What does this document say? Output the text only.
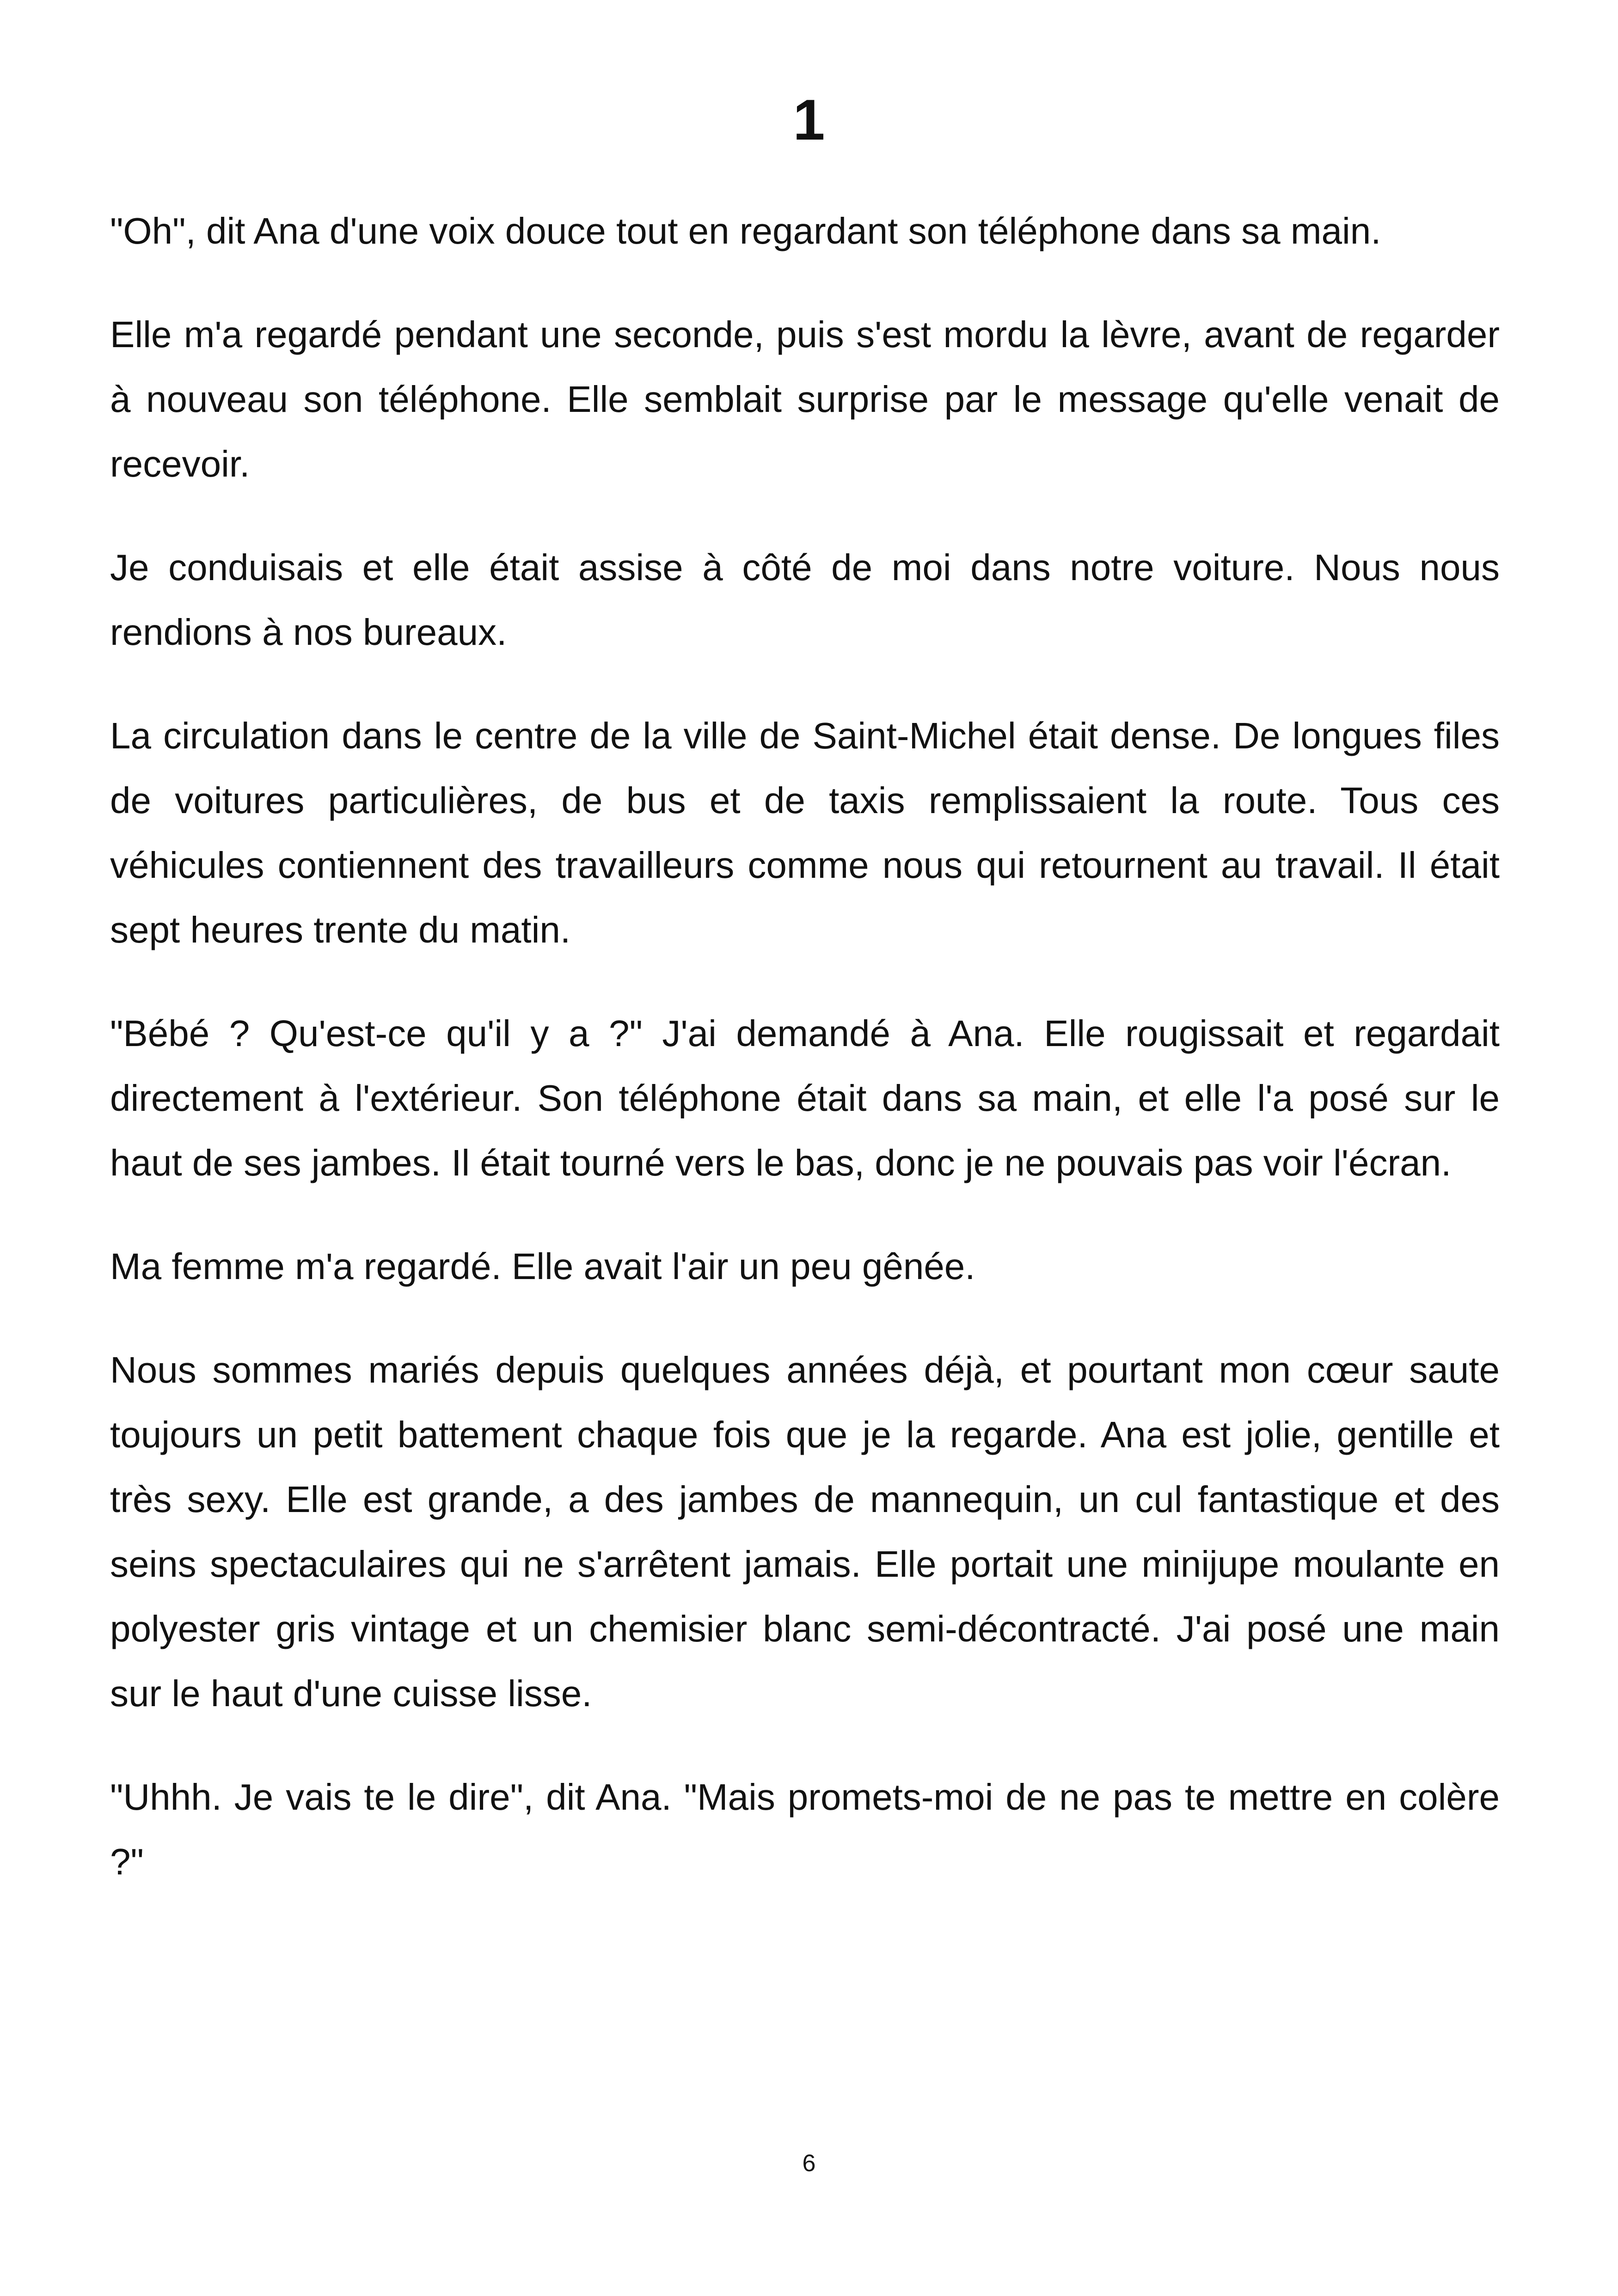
1

"Oh", dit Ana d'une voix douce tout en regardant son téléphone dans sa main.

Elle m'a regardé pendant une seconde, puis s'est mordu la lèvre, avant de regarder à nouveau son téléphone. Elle semblait surprise par le message qu'elle venait de recevoir.

Je conduisais et elle était assise à côté de moi dans notre voiture. Nous nous rendions à nos bureaux.

La circulation dans le centre de la ville de Saint-Michel était dense. De longues files de voitures particulières, de bus et de taxis remplissaient la route. Tous ces véhicules contiennent des travailleurs comme nous qui retournent au travail. Il était sept heures trente du matin.

"Bébé ? Qu'est-ce qu'il y a ?" J'ai demandé à Ana. Elle rougissait et regardait directement à l'extérieur. Son téléphone était dans sa main, et elle l'a posé sur le haut de ses jambes. Il était tourné vers le bas, donc je ne pouvais pas voir l'écran.

Ma femme m'a regardé. Elle avait l'air un peu gênée.

Nous sommes mariés depuis quelques années déjà, et pourtant mon cœur saute toujours un petit battement chaque fois que je la regarde. Ana est jolie, gentille et très sexy. Elle est grande, a des jambes de mannequin, un cul fantastique et des seins spectaculaires qui ne s'arrêtent jamais. Elle portait une minijupe moulante en polyester gris vintage et un chemisier blanc semi-décontracté. J'ai posé une main sur le haut d'une cuisse lisse.

"Uhhh. Je vais te le dire", dit Ana. "Mais promets-moi de ne pas te mettre en colère ?"

6
